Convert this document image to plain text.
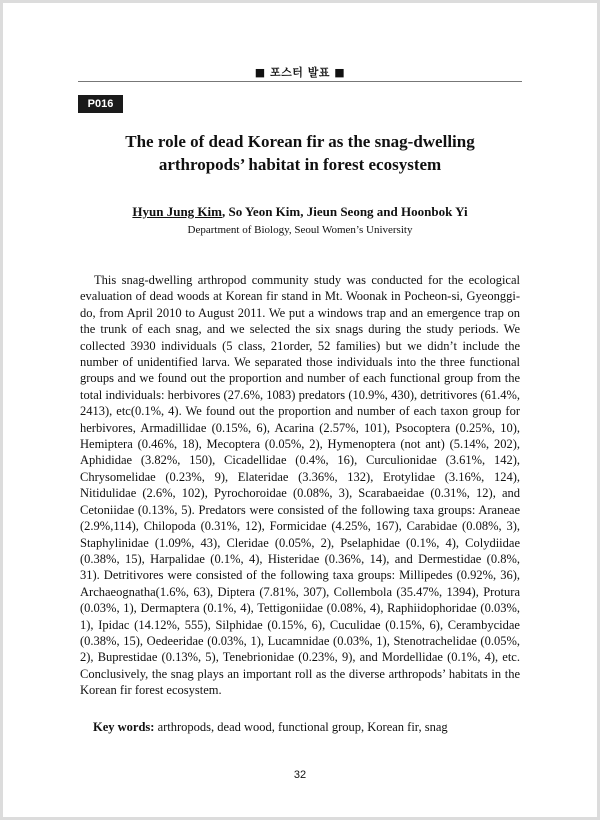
■ 포스터 발표 ■
P016
The role of dead Korean fir as the snag-dwelling
arthropods’ habitat in forest ecosystem
Hyun Jung Kim, So Yeon Kim, Jieun Seong and Hoonbok Yi
Department of Biology, Seoul Women’s University
This snag-dwelling arthropod community study was conducted for the ecological evaluation of dead woods at Korean fir stand in Mt. Woonak in Pocheon-si, Gyeonggi-do, from April 2010 to August 2011. We put a windows trap and an emergence trap on the trunk of each snag, and we selected the six snags during the study periods. We collected 3930 individuals (5 class, 21order, 52 families) but we didn’t include the number of unidentified larva. We separated those individuals into the three functional groups and we found out the proportion and number of each functional group from the total individuals: herbivores (27.6%, 1083) predators (10.9%, 430), detritivores (61.4%, 2413), etc(0.1%, 4). We found out the proportion and number of each taxon group for herbivores, Armadillidae (0.15%, 6), Acarina (2.57%, 101), Psocoptera (0.25%, 10), Hemiptera (0.46%, 18), Mecoptera (0.05%, 2), Hymenoptera (not ant) (5.14%, 202), Aphididae (3.82%, 150), Cicadellidae (0.4%, 16), Curculionidae (3.61%, 142), Chrysomelidae (0.23%, 9), Elateridae (3.36%, 132), Erotylidae (3.16%, 124), Nitidulidae (2.6%, 102), Pyrochoroidae (0.08%, 3), Scarabaeidae (0.31%, 12), and Cetoniidae (0.13%, 5). Predators were consisted of the following taxa groups: Araneae (2.9%,114), Chilopoda (0.31%, 12), Formicidae (4.25%, 167), Carabidae (0.08%, 3), Staphylinidae (1.09%, 43), Cleridae (0.05%, 2), Pselaphidae (0.1%, 4), Colydiidae (0.38%, 15), Harpalidae (0.1%, 4), Histeridae (0.36%, 14), and Dermestidae (0.8%, 31). Detritivores were consisted of the following taxa groups: Millipedes (0.92%, 36), Archaeognatha(1.6%, 63), Diptera (7.81%, 307), Collembola (35.47%, 1394), Protura (0.03%, 1), Dermaptera (0.1%, 4), Tettigoniidae (0.08%, 4), Raphiidophoridae (0.03%, 1), Ipidac (14.12%, 555), Silphidae (0.15%, 6), Cuculidae (0.15%, 6), Cerambycidae (0.38%, 15), Oedeeridae (0.03%, 1), Lucamnidae (0.03%, 1), Stenotrachelidae (0.05%, 2), Buprestidae (0.13%, 5), Tenebrionidae (0.23%, 9), and Mordellidae (0.1%, 4), etc. Conclusively, the snag plays an important roll as the diverse arthropods’ habitats in the Korean fir forest ecosystem.
Key words: arthropods, dead wood, functional group, Korean fir, snag
32
